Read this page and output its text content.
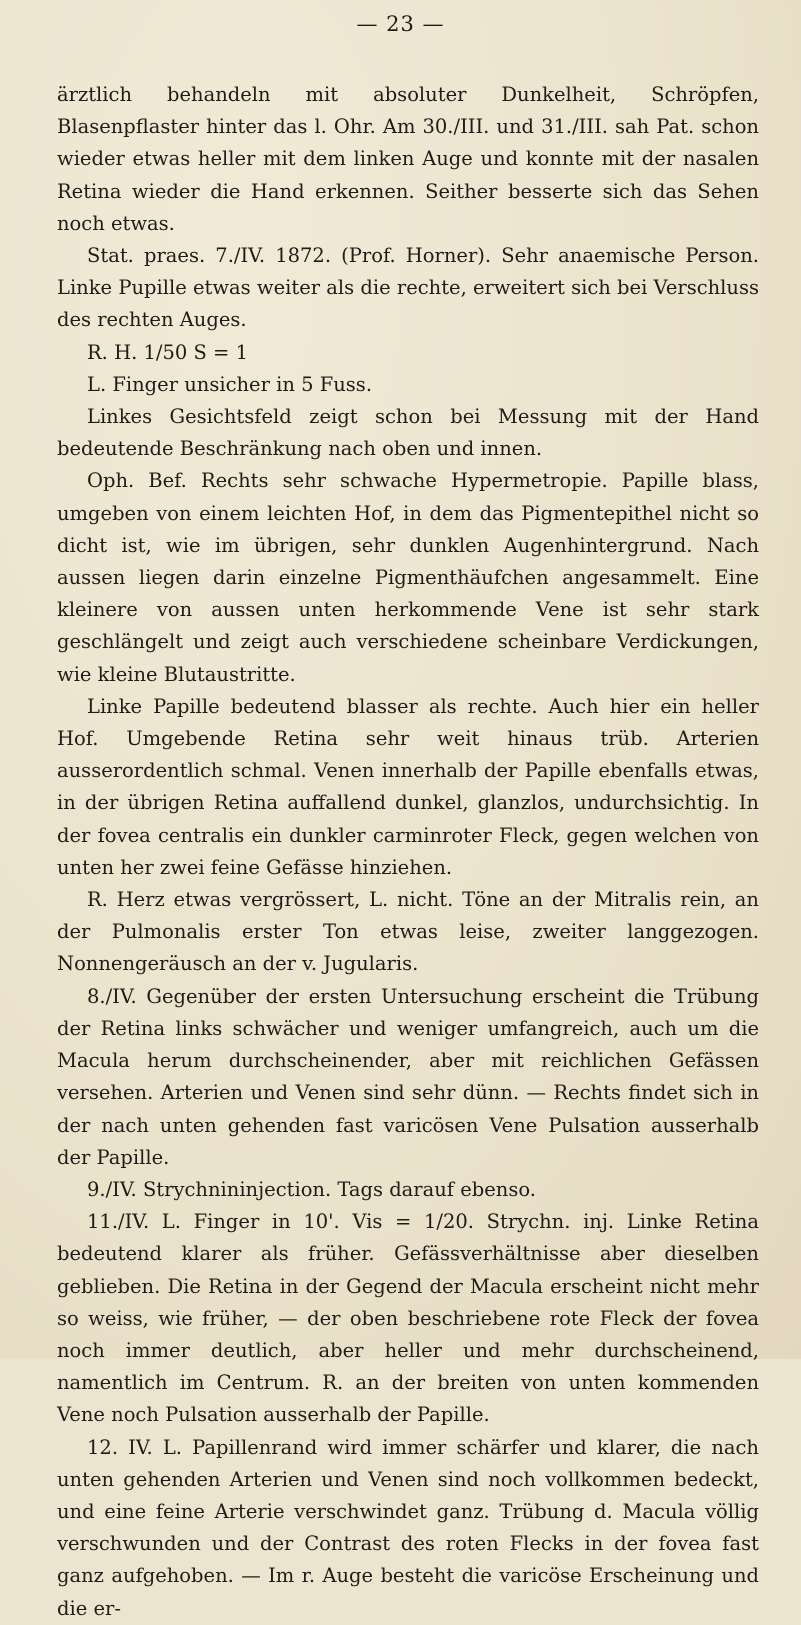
— 23 —

ärztlich behandeln mit absoluter Dunkelheit, Schröpfen, Blasenpflaster hinter das l. Ohr. Am 30./III. und 31./III. sah Pat. schon wieder etwas heller mit dem linken Auge und konnte mit der nasalen Retina wieder die Hand erkennen. Seither besserte sich das Sehen noch etwas.

Stat. praes. 7./IV. 1872. (Prof. Horner). Sehr anaemische Person. Linke Pupille etwas weiter als die rechte, erweitert sich bei Verschluss des rechten Auges.

R. H. 1/50 S = 1

L. Finger unsicher in 5 Fuss.

Linkes Gesichtsfeld zeigt schon bei Messung mit der Hand bedeutende Beschränkung nach oben und innen.

Oph. Bef. Rechts sehr schwache Hypermetropie. Papille blass, umgeben von einem leichten Hof, in dem das Pigmentepithel nicht so dicht ist, wie im übrigen, sehr dunklen Augenhintergrund. Nach aussen liegen darin einzelne Pigmenthäufchen angesammelt. Eine kleinere von aussen unten herkommende Vene ist sehr stark geschlängelt und zeigt auch verschiedene scheinbare Verdickungen, wie kleine Blutaustritte.

Linke Papille bedeutend blasser als rechte. Auch hier ein heller Hof. Umgebende Retina sehr weit hinaus trüb. Arterien ausserordentlich schmal. Venen innerhalb der Papille ebenfalls etwas, in der übrigen Retina auffallend dunkel, glanzlos, undurchsichtig. In der fovea centralis ein dunkler carminroter Fleck, gegen welchen von unten her zwei feine Gefässe hinziehen.

R. Herz etwas vergrössert, L. nicht. Töne an der Mitralis rein, an der Pulmonalis erster Ton etwas leise, zweiter langgezogen. Nonnengeräusch an der v. Jugularis.

8./IV. Gegenüber der ersten Untersuchung erscheint die Trübung der Retina links schwächer und weniger umfangreich, auch um die Macula herum durchscheinender, aber mit reichlichen Gefässen versehen. Arterien und Venen sind sehr dünn. — Rechts findet sich in der nach unten gehenden fast varicösen Vene Pulsation ausserhalb der Papille.

9./IV. Strychnininjection. Tags darauf ebenso.

11./IV. L. Finger in 10'. Vis = 1/20. Strychn. inj. Linke Retina bedeutend klarer als früher. Gefässverhältnisse aber dieselben geblieben. Die Retina in der Gegend der Macula erscheint nicht mehr so weiss, wie früher, — der oben beschriebene rote Fleck der fovea noch immer deutlich, aber heller und mehr durchscheinend, namentlich im Centrum. R. an der breiten von unten kommenden Vene noch Pulsation ausserhalb der Papille.

12. IV. L. Papillenrand wird immer schärfer und klarer, die nach unten gehenden Arterien und Venen sind noch vollkommen bedeckt, und eine feine Arterie verschwindet ganz. Trübung d. Macula völlig verschwunden und der Contrast des roten Flecks in der fovea fast ganz aufgehoben. — Im r. Auge besteht die varicöse Erscheinung und die er-
